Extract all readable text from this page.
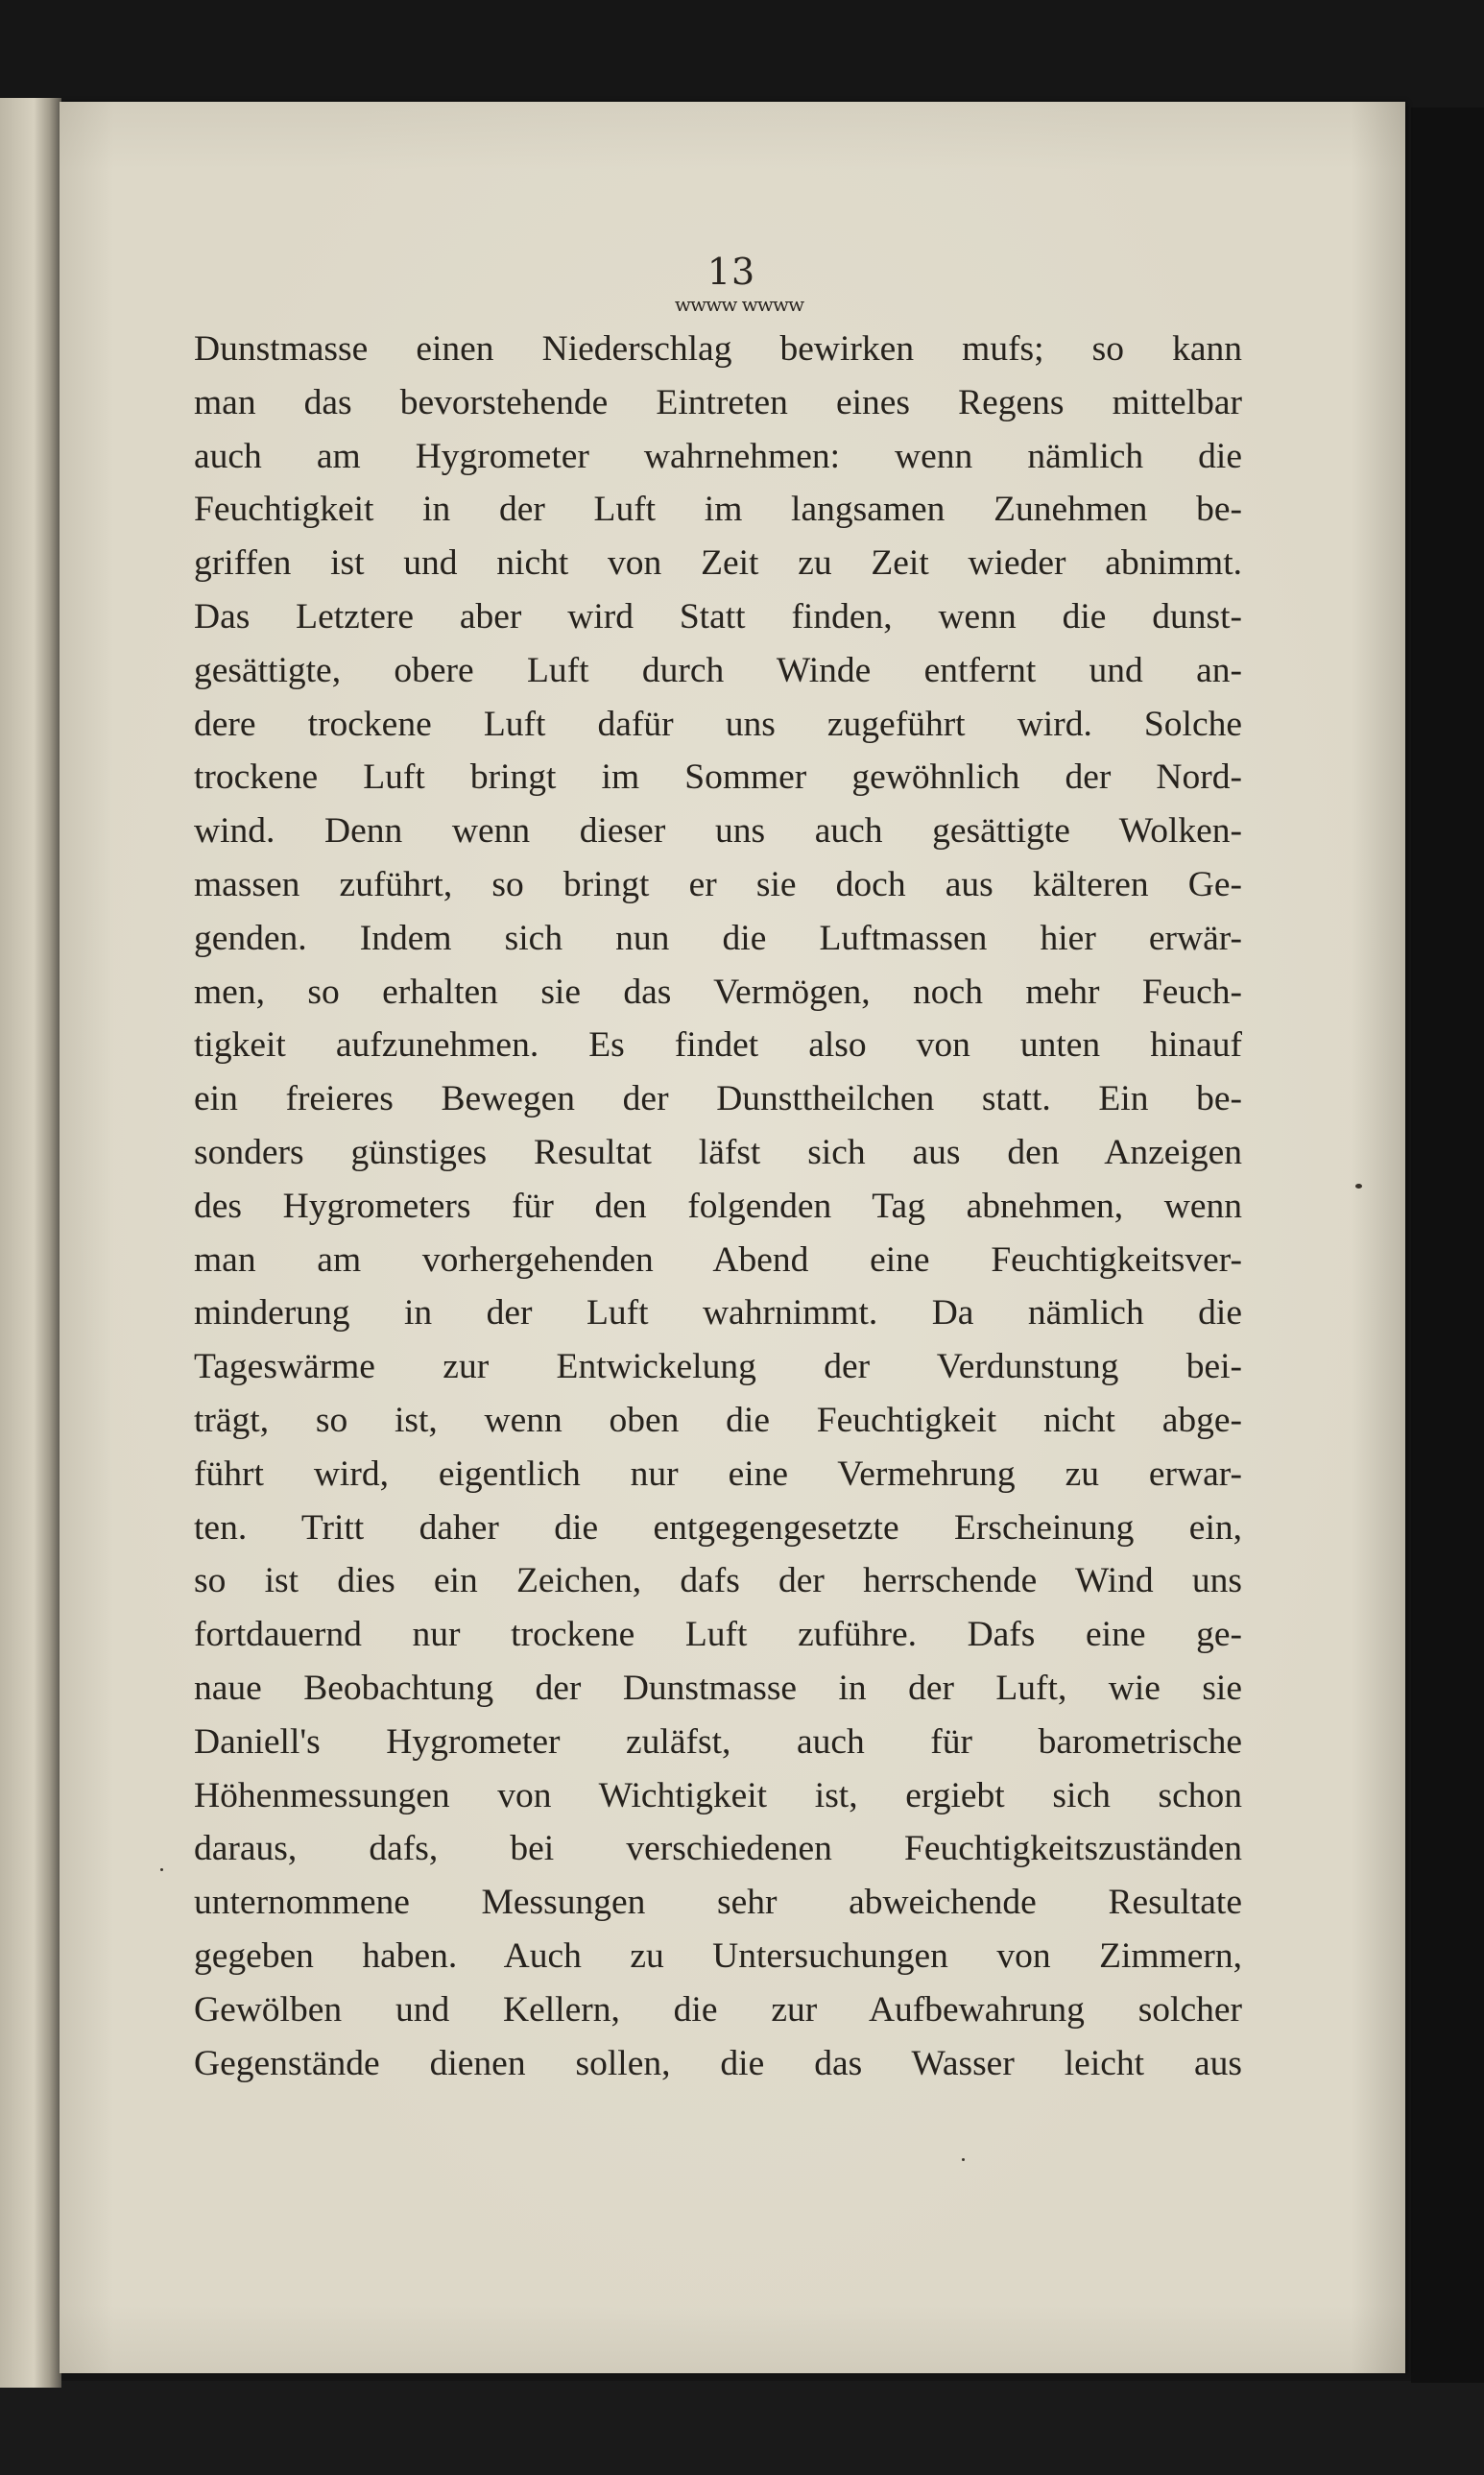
13
wwww wwww
Dunstmasse einen Niederschlag bewirken mufs; so kann
man das bevorstehende Eintreten eines Regens mittelbar
auch am Hygrometer wahrnehmen: wenn nämlich die
Feuchtigkeit in der Luft im langsamen Zunehmen be-
griffen ist und nicht von Zeit zu Zeit wieder abnimmt.
Das Letztere aber wird Statt finden, wenn die dunst-
gesättigte, obere Luft durch Winde entfernt und an-
dere trockene Luft dafür uns zugeführt wird. Solche
trockene Luft bringt im Sommer gewöhnlich der Nord-
wind. Denn wenn dieser uns auch gesättigte Wolken-
massen zuführt, so bringt er sie doch aus kälteren Ge-
genden. Indem sich nun die Luftmassen hier erwär-
men, so erhalten sie das Vermögen, noch mehr Feuch-
tigkeit aufzunehmen. Es findet also von unten hinauf
ein freieres Bewegen der Dunsttheilchen statt. Ein be-
sonders günstiges Resultat läfst sich aus den Anzeigen
des Hygrometers für den folgenden Tag abnehmen, wenn
man am vorhergehenden Abend eine Feuchtigkeitsver-
minderung in der Luft wahrnimmt. Da nämlich die
Tageswärme zur Entwickelung der Verdunstung bei-
trägt, so ist, wenn oben die Feuchtigkeit nicht abge-
führt wird, eigentlich nur eine Vermehrung zu erwar-
ten. Tritt daher die entgegengesetzte Erscheinung ein,
so ist dies ein Zeichen, dafs der herrschende Wind uns
fortdauernd nur trockene Luft zuführe. Dafs eine ge-
naue Beobachtung der Dunstmasse in der Luft, wie sie
Daniell's Hygrometer zuläfst, auch für barometrische
Höhenmessungen von Wichtigkeit ist, ergiebt sich schon
daraus, dafs, bei verschiedenen Feuchtigkeitszuständen
unternommene Messungen sehr abweichende Resultate
gegeben haben. Auch zu Untersuchungen von Zimmern,
Gewölben und Kellern, die zur Aufbewahrung solcher
Gegenstände dienen sollen, die das Wasser leicht aus
